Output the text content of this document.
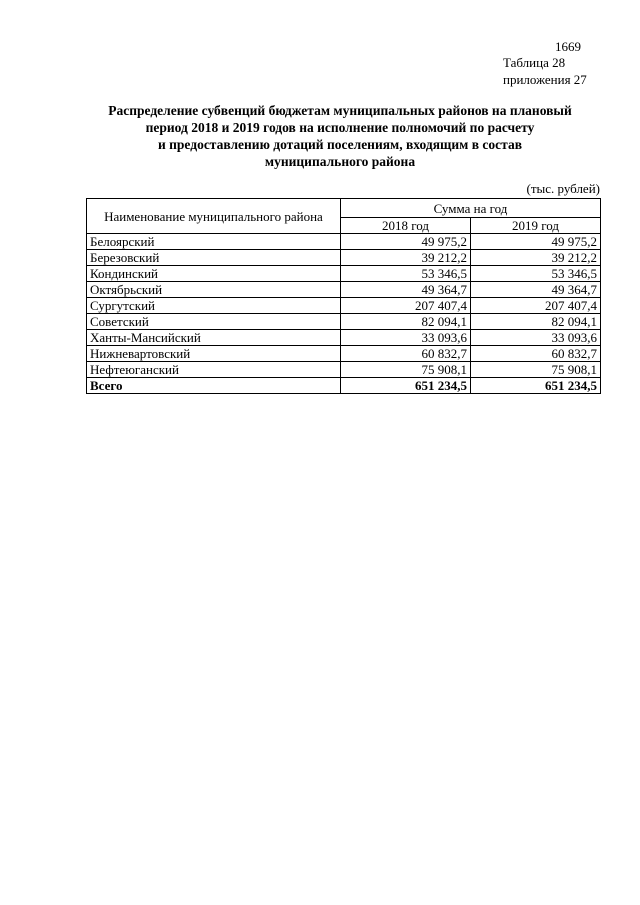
1669
Таблица 28
приложения 27
Распределение субвенций бюджетам муниципальных районов на плановый
период 2018 и 2019 годов на исполнение полномочий по расчету
и предоставлению дотаций поселениям, входящим в состав
муниципального района
(тыс. рублей)
Наименование муниципального района	Сумма на год	
	2018 год	2019 год
Белоярский	49 975,2	49 975,2
Березовский	39 212,2	39 212,2
Кондинский	53 346,5	53 346,5
Октябрьский	49 364,7	49 364,7
Сургутский	207 407,4	207 407,4
Советский	82 094,1	82 094,1
Ханты-Мансийский	33 093,6	33 093,6
Нижневартовский	60 832,7	60 832,7
Нефтеюганский	75 908,1	75 908,1
Всего	651 234,5	651 234,5
